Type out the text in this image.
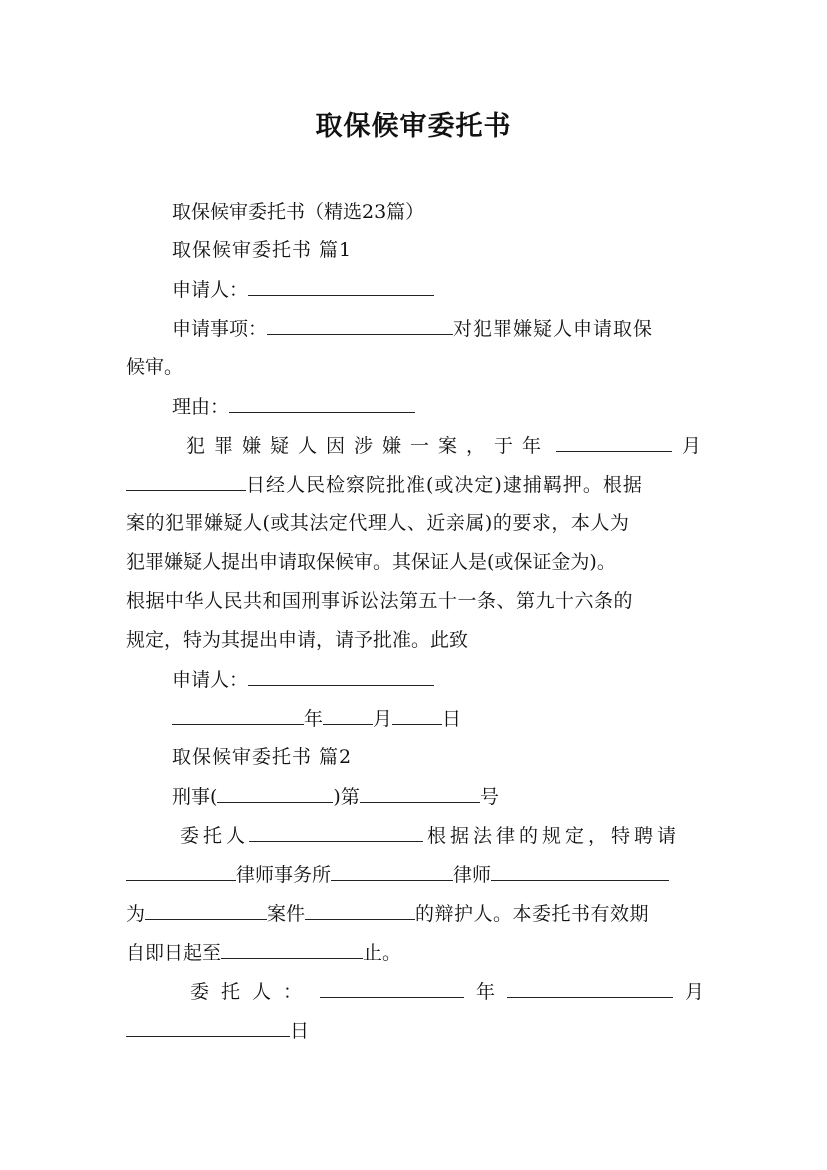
取保候审委托书
取保候审委托书（精选23篇）
取保候审委托书 篇1
申请人：
申请事项：	对犯罪嫌疑人申请取保
候审。
理由：
犯罪嫌疑人因涉嫌一案，于年	月
日经人民检察院批准(或决定)逮捕羁押。根据
案的犯罪嫌疑人(或其法定代理人、近亲属)的要求，本人为
犯罪嫌疑人提出申请取保候审。其保证人是(或保证金为)。
根据中华人民共和国刑事诉讼法第五十一条、第九十六条的
规定，特为其提出申请，请予批准。此致
申请人：
年	月	日
取保候审委托书 篇2
刑事(	)第	号
委托人	根据法律的规定，特聘请
律师事务所	律师
为	案件	的辩护人。本委托书有效期
自即日起至	止。
委托人：	年	月
日
